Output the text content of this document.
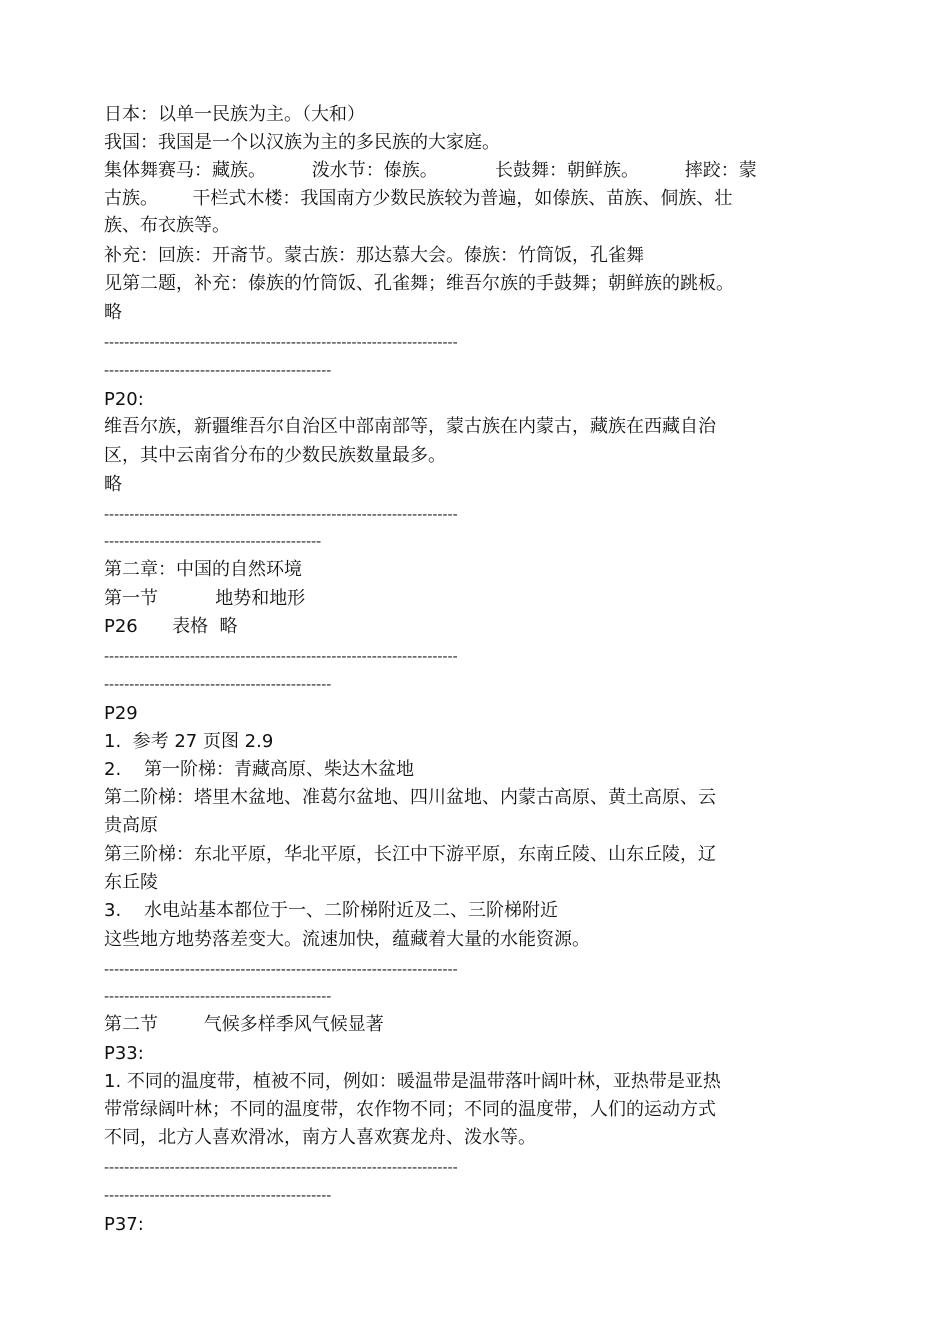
日本：以单一民族为主。（大和）
我国：我国是一个以汉族为主的多民族的大家庭。
集体舞赛马：藏族。        泼水节：傣族。          长鼓舞：朝鲜族。        摔跤：蒙
古族。      干栏式木楼：我国南方少数民族较为普遍，如傣族、苗族、侗族、壮
族、布衣族等。
补充：回族：开斋节。蒙古族：那达慕大会。傣族：竹筒饭，孔雀舞
见第二题，补充：傣族的竹筒饭、孔雀舞；维吾尔族的手鼓舞；朝鲜族的跳板。
略
----------------------------------------------------------------------
---------------------------------------------
P20:
维吾尔族，新疆维吾尔自治区中部南部等，蒙古族在内蒙古，藏族在西藏自治
区，其中云南省分布的少数民族数量最多。
略
----------------------------------------------------------------------
-------------------------------------------
第二章：中国的自然环境
第一节          地势和地形
P26      表格  略
----------------------------------------------------------------------
---------------------------------------------
P29
1.  参考 27 页图 2.9
2.    第一阶梯：青藏高原、柴达木盆地
第二阶梯：塔里木盆地、准葛尔盆地、四川盆地、内蒙古高原、黄土高原、云
贵高原
第三阶梯：东北平原，华北平原，长江中下游平原，东南丘陵、山东丘陵，辽
东丘陵
3.    水电站基本都位于一、二阶梯附近及二、三阶梯附近
这些地方地势落差变大。流速加快，蕴藏着大量的水能资源。
----------------------------------------------------------------------
---------------------------------------------
第二节        气候多样季风气候显著
P33:
1. 不同的温度带，植被不同，例如：暖温带是温带落叶阔叶林，亚热带是亚热
带常绿阔叶林；不同的温度带，农作物不同；不同的温度带，人们的运动方式
不同，北方人喜欢滑冰，南方人喜欢赛龙舟、泼水等。
----------------------------------------------------------------------
---------------------------------------------
P37:
